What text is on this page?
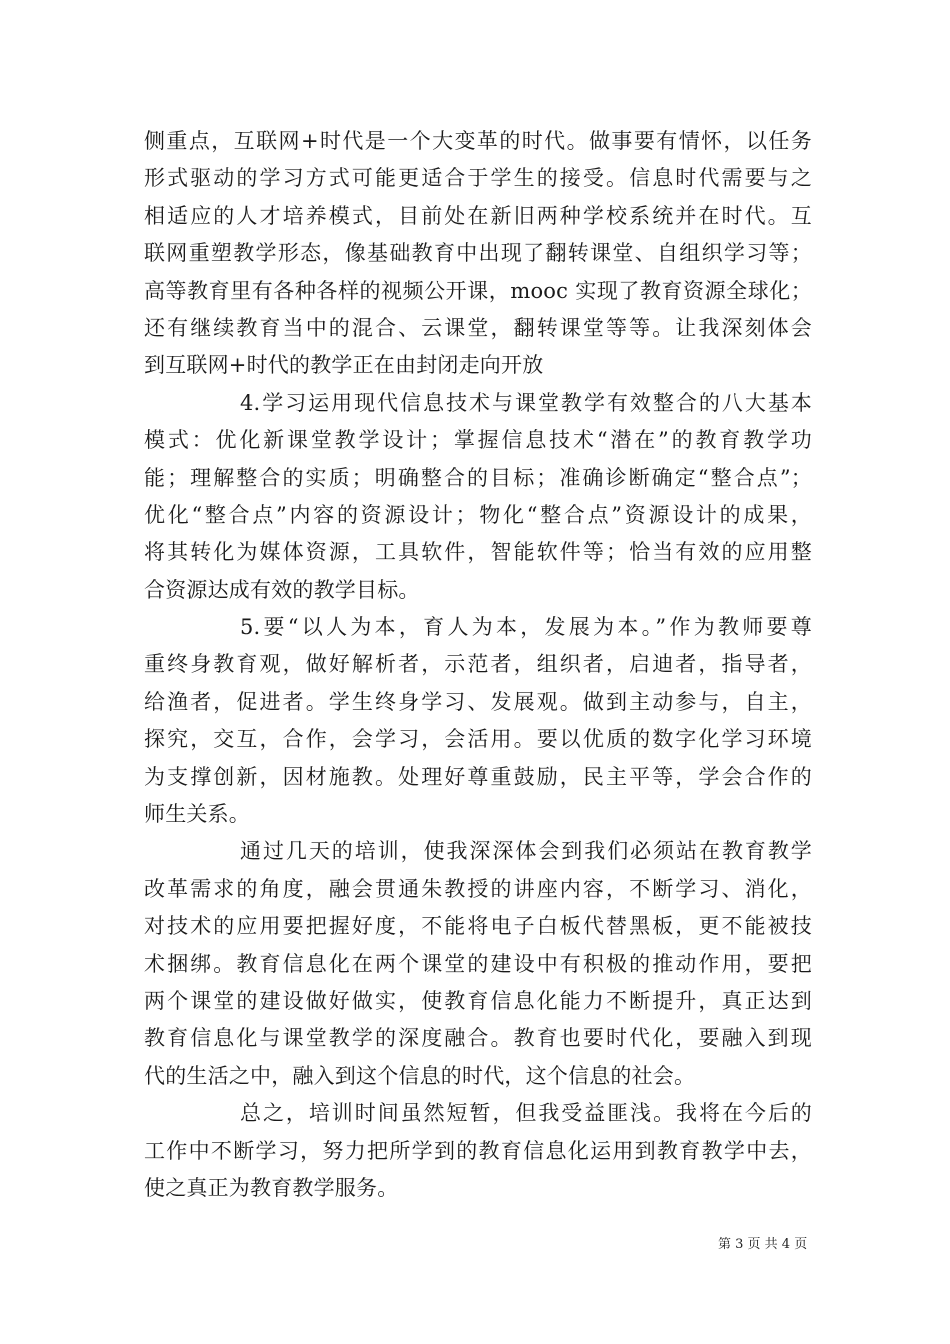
侧重点，互联网+时代是一个大变革的时代。做事要有情怀，以任务
形式驱动的学习方式可能更适合于学生的接受。信息时代需要与之
相适应的人才培养模式，目前处在新旧两种学校系统并在时代。互
联网重塑教学形态，像基础教育中出现了翻转课堂、自组织学习等；
高等教育里有各种各样的视频公开课，mooc 实现了教育资源全球化；
还有继续教育当中的混合、云课堂，翻转课堂等等。让我深刻体会
到互联网+时代的教学正在由封闭走向开放
4.学习运用现代信息技术与课堂教学有效整合的八大基本
模式：优化新课堂教学设计；掌握信息技术“潜在”的教育教学功
能；理解整合的实质；明确整合的目标；准确诊断确定“整合点”；
优化“整合点”内容的资源设计；物化“整合点”资源设计的成果，
将其转化为媒体资源，工具软件，智能软件等；恰当有效的应用整
合资源达成有效的教学目标。
5.要“以人为本，育人为本，发展为本。”作为教师要尊
重终身教育观，做好解析者，示范者，组织者，启迪者，指导者，
给渔者，促进者。学生终身学习、发展观。做到主动参与，自主，
探究，交互，合作，会学习，会活用。要以优质的数字化学习环境
为支撑创新，因材施教。处理好尊重鼓励，民主平等，学会合作的
师生关系。
通过几天的培训，使我深深体会到我们必须站在教育教学
改革需求的角度，融会贯通朱教授的讲座内容，不断学习、消化，
对技术的应用要把握好度，不能将电子白板代替黑板，更不能被技
术捆绑。教育信息化在两个课堂的建设中有积极的推动作用，要把
两个课堂的建设做好做实，使教育信息化能力不断提升，真正达到
教育信息化与课堂教学的深度融合。教育也要时代化，要融入到现
代的生活之中，融入到这个信息的时代，这个信息的社会。
总之，培训时间虽然短暂，但我受益匪浅。我将在今后的
工作中不断学习，努力把所学到的教育信息化运用到教育教学中去，
使之真正为教育教学服务。
第 3 页 共 4 页
